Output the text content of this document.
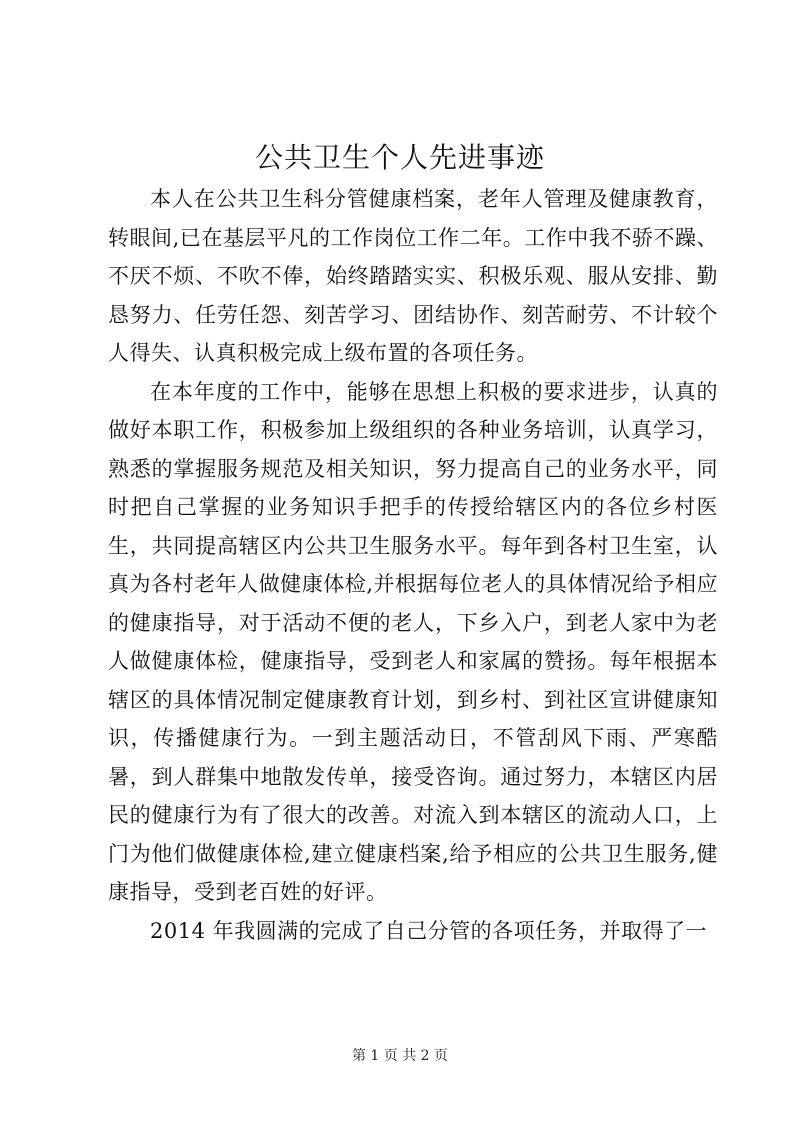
公共卫生个人先进事迹

本人在公共卫生科分管健康档案，老年人管理及健康教育，转眼间,已在基层平凡的工作岗位工作二年。工作中我不骄不躁、不厌不烦、不吹不俸，始终踏踏实实、积极乐观、服从安排、勤恳努力、任劳任怨、刻苦学习、团结协作、刻苦耐劳、不计较个人得失、认真积极完成上级布置的各项任务。

在本年度的工作中，能够在思想上积极的要求进步，认真的做好本职工作，积极参加上级组织的各种业务培训，认真学习，熟悉的掌握服务规范及相关知识，努力提高自己的业务水平，同时把自己掌握的业务知识手把手的传授给辖区内的各位乡村医生，共同提高辖区内公共卫生服务水平。每年到各村卫生室，认真为各村老年人做健康体检,并根据每位老人的具体情况给予相应的健康指导，对于活动不便的老人，下乡入户，到老人家中为老人做健康体检，健康指导，受到老人和家属的赞扬。每年根据本辖区的具体情况制定健康教育计划，到乡村、到社区宣讲健康知识，传播健康行为。一到主题活动日，不管刮风下雨、严寒酷暑，到人群集中地散发传单，接受咨询。通过努力，本辖区内居民的健康行为有了很大的改善。对流入到本辖区的流动人口，上门为他们做健康体检,建立健康档案,给予相应的公共卫生服务,健康指导，受到老百姓的好评。

2014 年我圆满的完成了自己分管的各项任务，并取得了一

第 1 页 共 2 页
